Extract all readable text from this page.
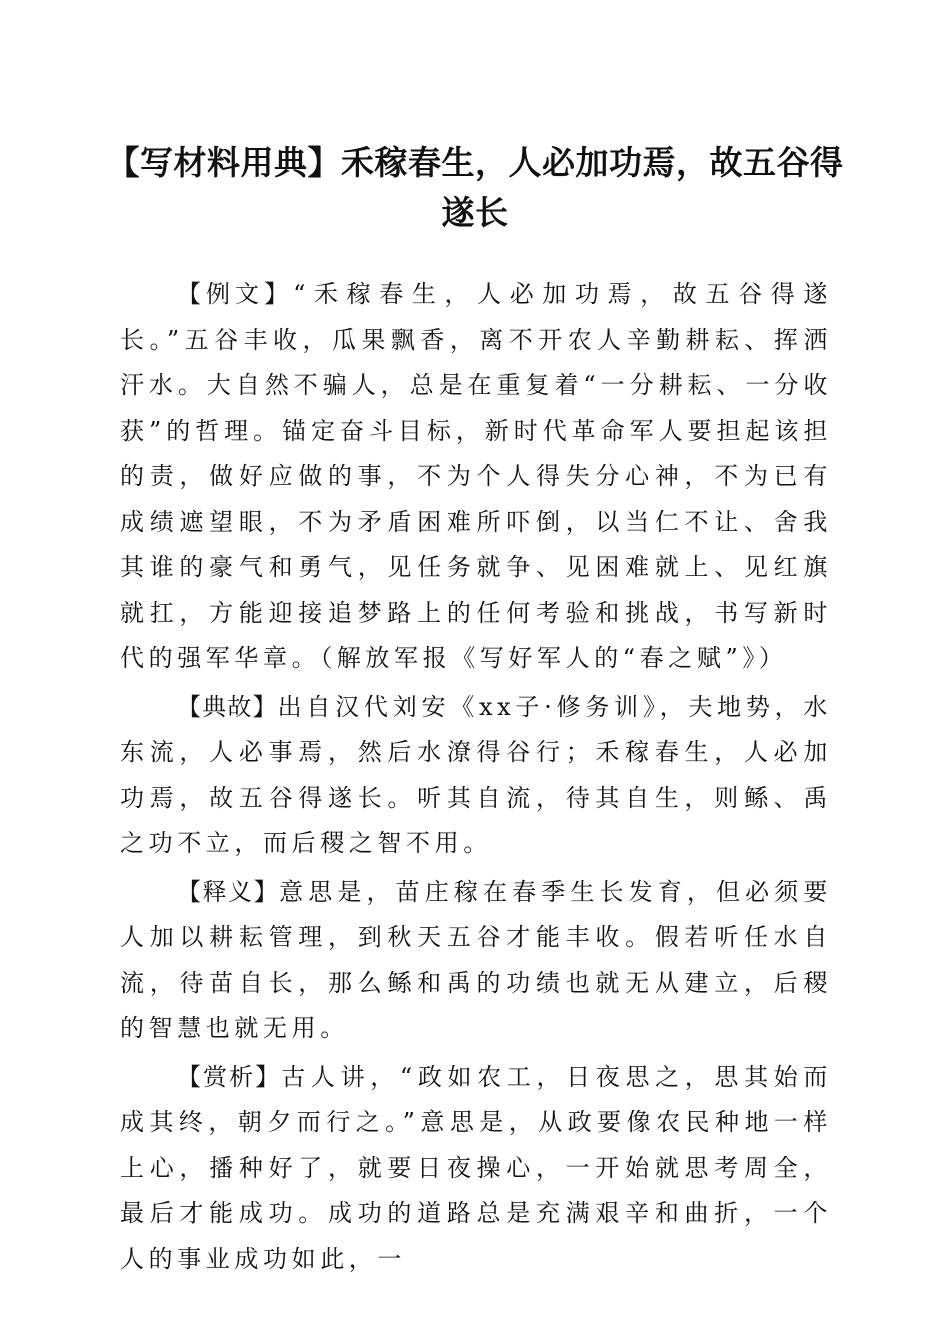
【写材料用典】禾稼春生，人必加功焉，故五谷得遂长

【例文】“禾稼春生，人必加功焉，故五谷得遂长。”五谷丰收，瓜果飘香，离不开农人辛勤耕耘、挥洒汗水。大自然不骗人，总是在重复着“一分耕耘、一分收获”的哲理。锚定奋斗目标，新时代革命军人要担起该担的责，做好应做的事，不为个人得失分心神，不为已有成绩遮望眼，不为矛盾困难所吓倒，以当仁不让、舍我其谁的豪气和勇气，见任务就争、见困难就上、见红旗就扛，方能迎接追梦路上的任何考验和挑战，书写新时代的强军华章。（解放军报《写好军人的“春之赋”》）

【典故】出自汉代刘安《xx子·修务训》，夫地势，水东流，人必事焉，然后水潦得谷行；禾稼春生，人必加功焉，故五谷得遂长。听其自流，待其自生，则鲧、禹之功不立，而后稷之智不用。

【释义】意思是，苗庄稼在春季生长发育，但必须要人加以耕耘管理，到秋天五谷才能丰收。假若听任水自流，待苗自长，那么鲧和禹的功绩也就无从建立，后稷的智慧也就无用。

【赏析】古人讲，“政如农工，日夜思之，思其始而成其终，朝夕而行之。”意思是，从政要像农民种地一样上心，播种好了，就要日夜操心，一开始就思考周全，最后才能成功。成功的道路总是充满艰辛和曲折，一个人的事业成功如此，一
